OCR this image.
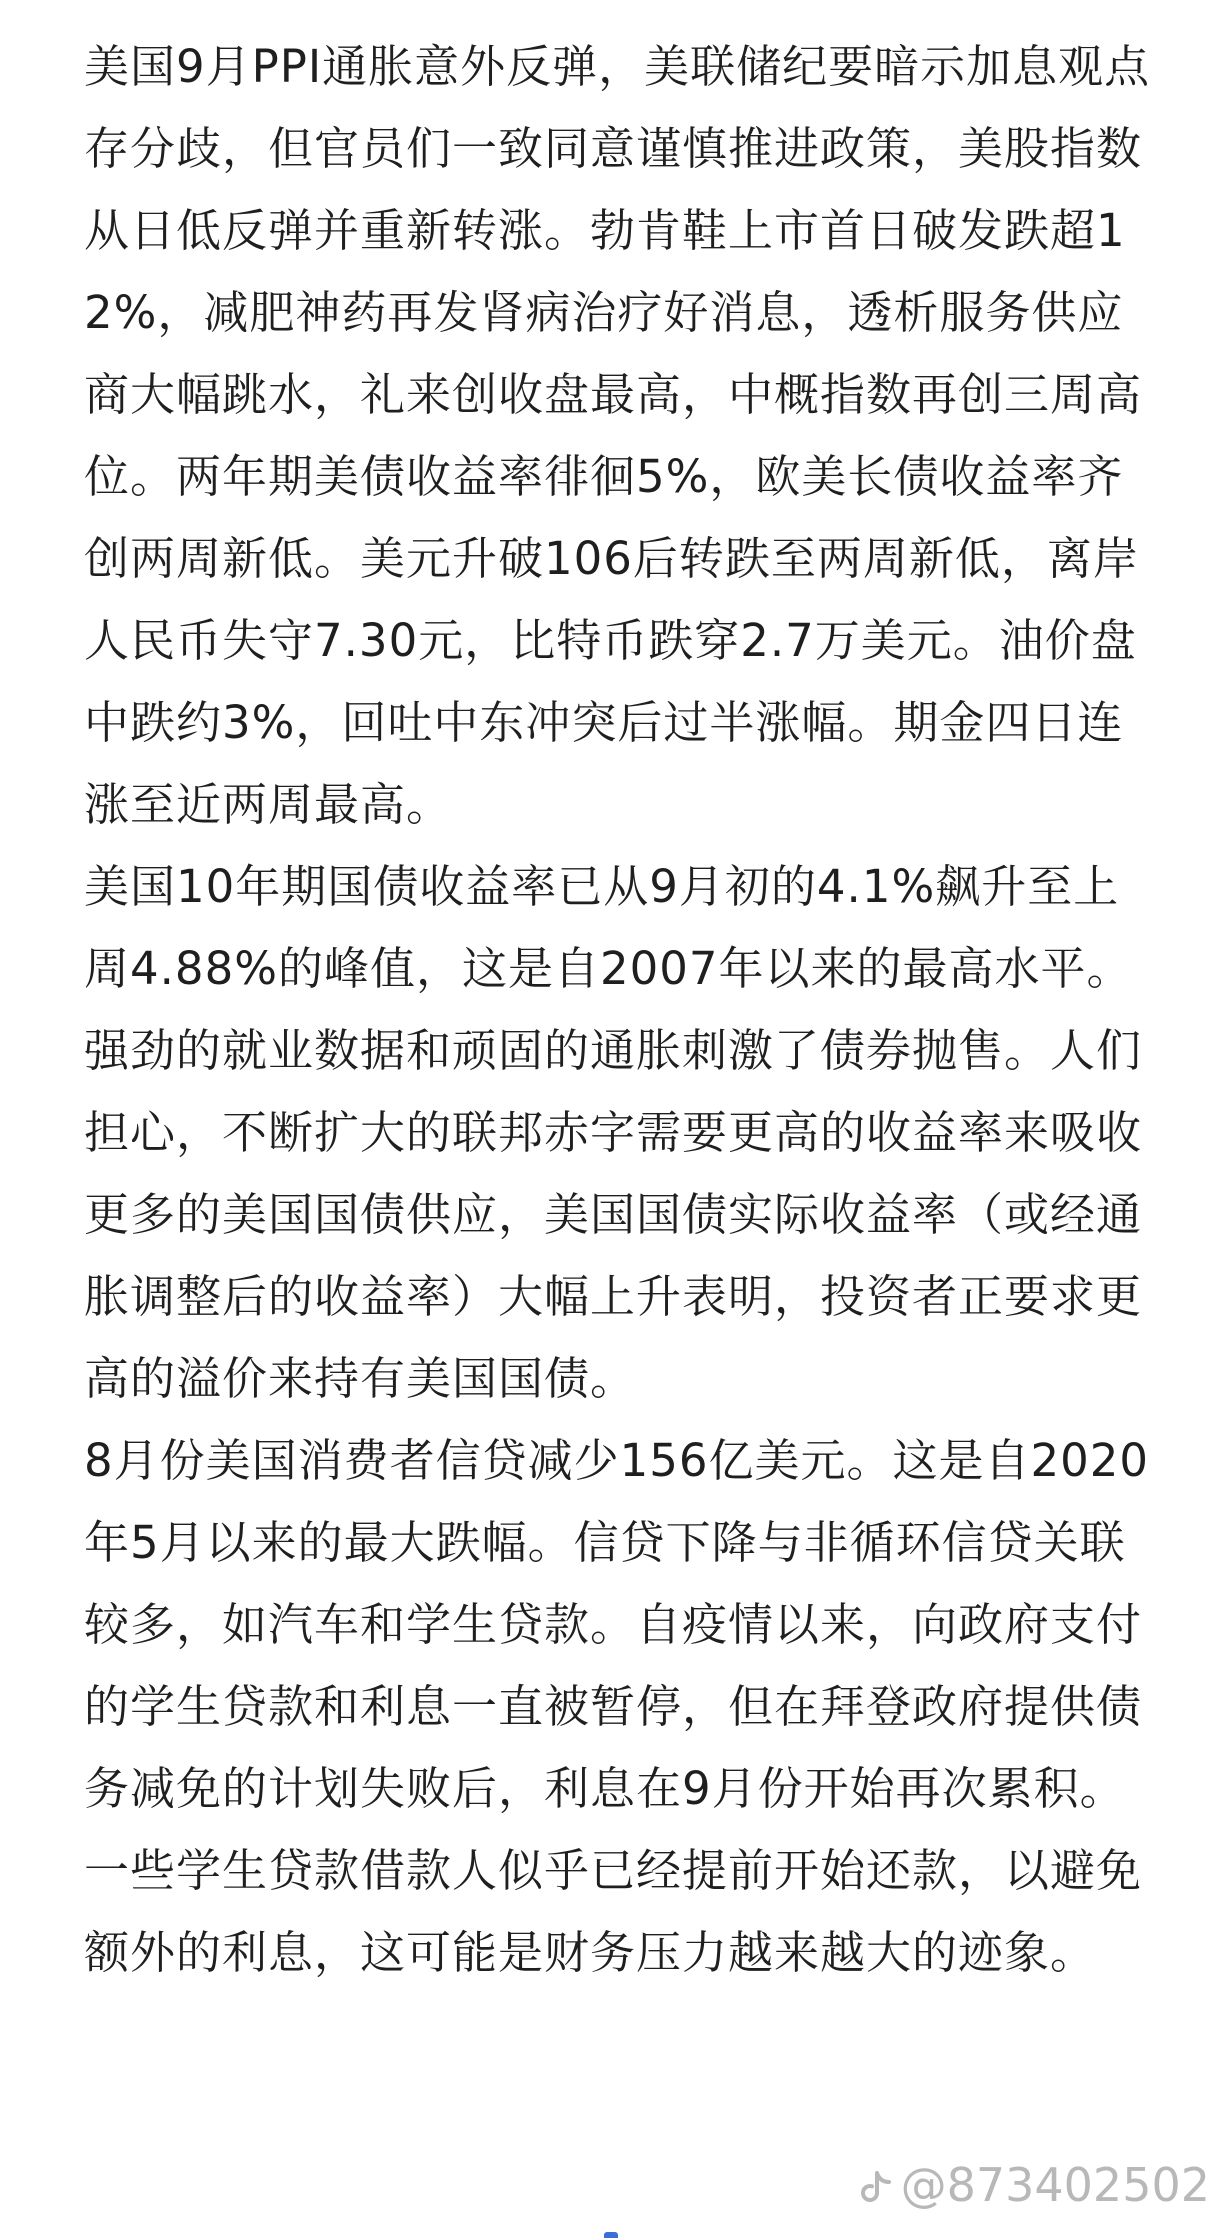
美国9月PPI通胀意外反弹，美联储纪要暗示加息观点存分歧，但官员们一致同意谨慎推进政策，美股指数从日低反弹并重新转涨。勃肯鞋上市首日破发跌超12%，减肥神药再发肾病治疗好消息，透析服务供应商大幅跳水，礼来创收盘最高，中概指数再创三周高位。两年期美债收益率徘徊5%，欧美长债收益率齐创两周新低。美元升破106后转跌至两周新低，离岸人民币失守7.30元，比特币跌穿2.7万美元。油价盘中跌约3%，回吐中东冲突后过半涨幅。期金四日连涨至近两周最高。

美国10年期国债收益率已从9月初的4.1%飙升至上周4.88%的峰值，这是自2007年以来的最高水平。强劲的就业数据和顽固的通胀刺激了债券抛售。人们担心，不断扩大的联邦赤字需要更高的收益率来吸收更多的美国国债供应，美国国债实际收益率（或经通胀调整后的收益率）大幅上升表明，投资者正要求更高的溢价来持有美国国债。

8月份美国消费者信贷减少156亿美元。这是自2020年5月以来的最大跌幅。信贷下降与非循环信贷关联较多，如汽车和学生贷款。自疫情以来，向政府支付的学生贷款和利息一直被暂停，但在拜登政府提供债务减免的计划失败后，利息在9月份开始再次累积。一些学生贷款借款人似乎已经提前开始还款，以避免额外的利息，这可能是财务压力越来越大的迹象。

@873402502
